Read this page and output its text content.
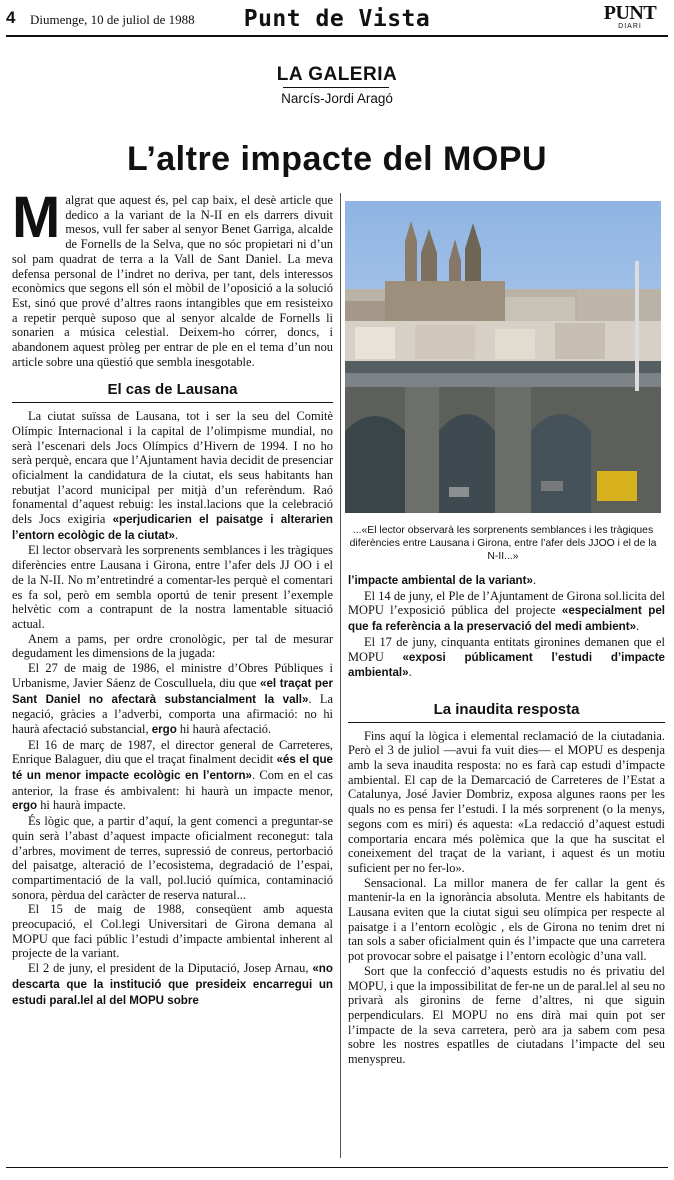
4 Diumenge, 10 de juliol de 1988	Punt de Vista	PUNT
DIARI
LA GALERIA
Narcís-Jordi Aragó
L’altre impacte del MOPU

Malgrat que aquest és, pel cap baix, el desè article que dedico a la variant de la N-II en els darrers divuit mesos, vull fer saber al senyor Benet Garriga, alcalde de Fornells de la Selva, que no sóc propietari ni d’un sol pam quadrat de terra a la Vall de Sant Daniel. La meva defensa personal de l’indret no deriva, per tant, dels interessos econòmics que segons ell són el mòbil de l’oposició a la solució Est, sinó que prové d’altres raons intangibles que em resisteixo a repetir perquè suposo que al senyor alcalde de Fornells li sonarien a música celestial. Deixem-ho córrer, doncs, i abandonem aquest pròleg per entrar de ple en el tema d’un nou article sobre una qüestió que sembla inesgotable.

El cas de Lausana

La ciutat suïssa de Lausana, tot i ser la seu del Comitè Olímpic Internacional i la capital de l’olimpisme mundial, no serà l’escenari dels Jocs Olímpics d’Hivern de 1994. I no ho serà perquè, encara que l’Ajuntament havia decidit de presenciar oficialment la candidatura de la ciutat, els seus habitants han rebutjat l’acord municipal per mitjà d’un referèndum. Raó fonamental d’aquest rebuig: les instal.lacions que la celebració dels Jocs exigiria «perjudicarien el paisatge i alterarien l’entorn ecològic de la ciutat».

El lector observarà les sorprenents semblances i les tràgiques diferències entre Lausana i Girona, entre l’afer dels JJ OO i el de la N-II. No m’entretindré a comentar-les perquè el comentari es fa sol, però em sembla oportú de tenir present l’exemple helvètic com a contrapunt de la nostra lamentable situació actual.

Anem a pams, per ordre cronològic, per tal de mesurar degudament les dimensions de la jugada:

El 27 de maig de 1986, el ministre d’Obres Públiques i Urbanisme, Javier Sáenz de Cosculluela, diu que «el traçat per Sant Daniel no afectarà substancialment la vall». La negació, gràcies a l’adverbi, comporta una afirmació: no hi haurà afectació substancial, ergo hi haurà afectació.

El 16 de març de 1987, el director general de Carreteres, Enrique Balaguer, diu que el traçat finalment decidit «és el que té un menor impacte ecològic en l’entorn». Com en el cas anterior, la frase és ambivalent: hi haurà un impacte menor, ergo hi haurà impacte.

És lògic que, a partir d’aquí, la gent comenci a preguntar-se quin serà l’abast d’aquest impacte oficialment reconegut: tala d’arbres, moviment de terres, supressió de conreus, pertorbació del paisatge, alteració de l’ecosistema, degradació de l’espai, compartimentació de la vall, pol.lució química, contaminació sonora, pèrdua del caràcter de reserva natural...

El 15 de maig de 1988, conseqüent amb aquesta preocupació, el Col.legi Universitari de Girona demana al MOPU que faci públic l’estudi d’impacte ambiental inherent al projecte de la variant.

El 2 de juny, el president de la Diputació, Josep Arnau, «no descarta que la institució que presideix encarregui un estudi paral.lel al del MOPU sobre

...«El lector observarà les sorprenents semblances i les tràgiques diferències entre Lausana i Girona, entre l’afer dels JJOO i el de la N-II...»

l’impacte ambiental de la variant».

El 14 de juny, el Ple de l’Ajuntament de Girona sol.licita del MOPU l’exposició pública del projecte «especialment pel que fa referència a la preservació del medi ambient».

El 17 de juny, cinquanta entitats gironines demanen que el MOPU «exposi públicament l’estudi d’impacte ambiental».

La inaudita resposta

Fins aquí la lògica i elemental reclamació de la ciutadania. Però el 3 de juliol —avui fa vuit dies— el MOPU es despenja amb la seva inaudita resposta: no es farà cap estudi d’impacte ambiental. El cap de la Demarcació de Carreteres de l’Estat a Catalunya, José Javier Dombriz, exposa algunes raons per les quals no es pensa fer l’estudi. I la més sorprenent (o la menys, segons com es miri) és aquesta: «La redacció d’aquest estudi comportaria encara més polèmica que la que ha suscitat el coneixement del traçat de la variant, i aquest és un motiu suficient per no fer-lo».

Sensacional. La millor manera de fer callar la gent és mantenir-la en la ignorància absoluta. Mentre els habitants de Lausana eviten que la ciutat sigui seu olímpica per respecte al paisatge i a l’entorn ecològic , els de Girona no tenim dret ni tan sols a saber oficialment quin és l’impacte que una carretera pot provocar sobre el paisatge i l’entorn ecològic d’una vall.

Sort que la confecció d’aquests estudis no és privatiu del MOPU, i que la impossibilitat de fer-ne un de paral.lel al seu no privarà als gironins de ferne d’altres, ni que siguin perpendiculars. El MOPU no ens dirà mai quin pot ser l’impacte de la seva carretera, però ara ja sabem com pesa sobre les nostres espatlles de ciutadans l’impacte del seu menyspreu.
